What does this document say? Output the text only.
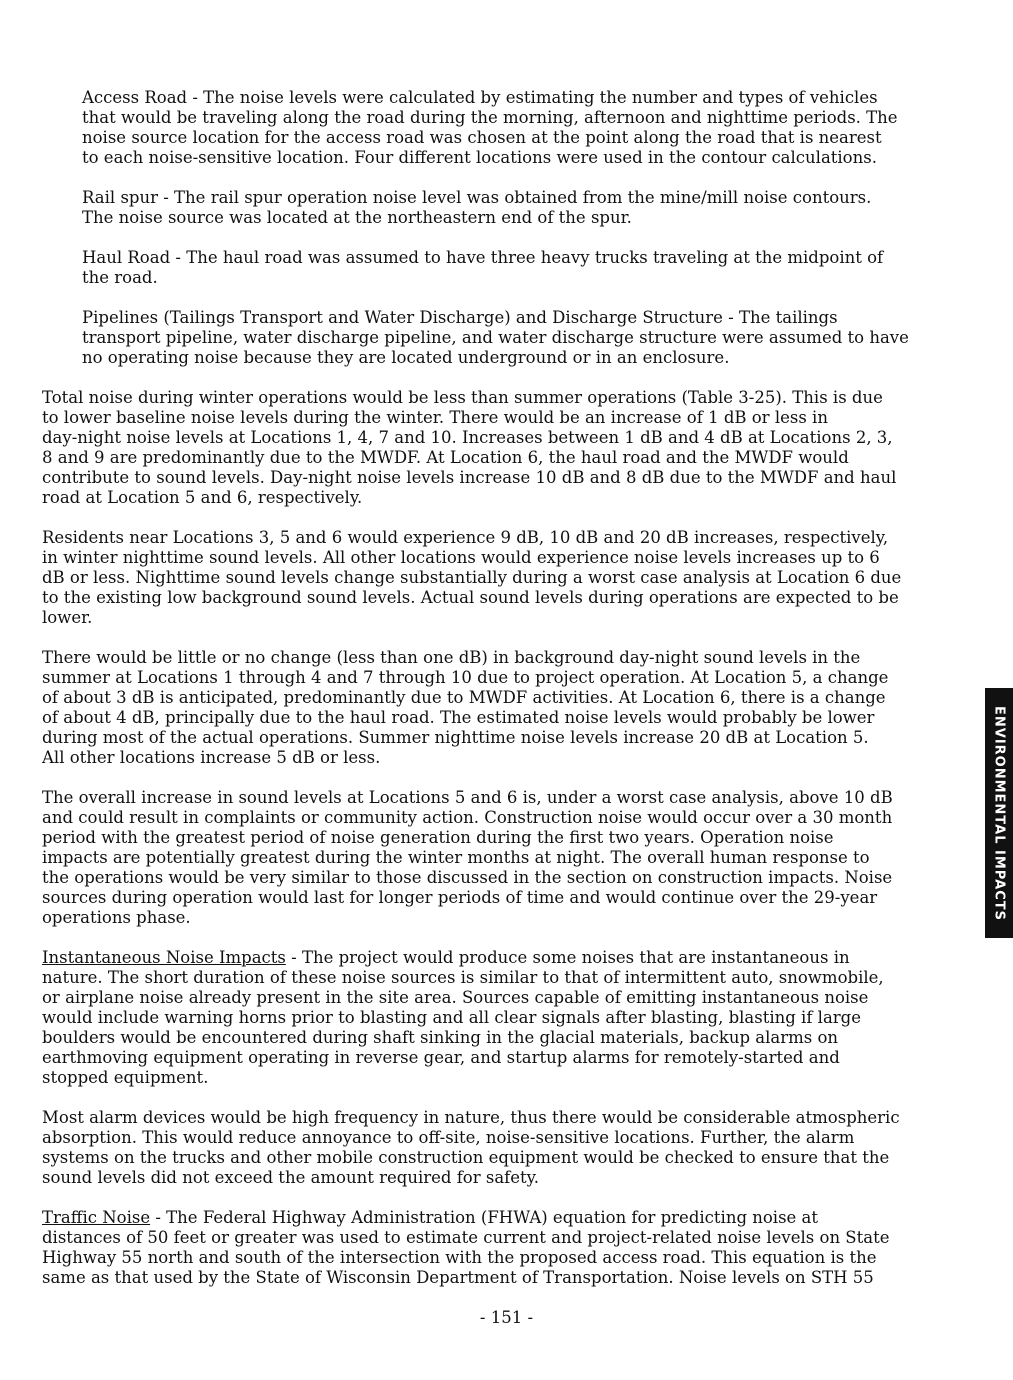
Access Road - The noise levels were calculated by estimating the number and types of vehicles
that would be traveling along the road during the morning, afternoon and nighttime periods. The
noise source location for the access road was chosen at the point along the road that is nearest
to each noise-sensitive location. Four different locations were used in the contour calculations.

Rail spur - The rail spur operation noise level was obtained from the mine/mill noise contours.
The noise source was located at the northeastern end of the spur.

Haul Road - The haul road was assumed to have three heavy trucks traveling at the midpoint of
the road.

Pipelines (Tailings Transport and Water Discharge) and Discharge Structure - The tailings
transport pipeline, water discharge pipeline, and water discharge structure were assumed to have
no operating noise because they are located underground or in an enclosure.

Total noise during winter operations would be less than summer operations (Table 3-25). This is due
to lower baseline noise levels during the winter. There would be an increase of 1 dB or less in
day-night noise levels at Locations 1, 4, 7 and 10. Increases between 1 dB and 4 dB at Locations 2, 3,
8 and 9 are predominantly due to the MWDF. At Location 6, the haul road and the MWDF would
contribute to sound levels. Day-night noise levels increase 10 dB and 8 dB due to the MWDF and haul
road at Location 5 and 6, respectively.

Residents near Locations 3, 5 and 6 would experience 9 dB, 10 dB and 20 dB increases, respectively,
in winter nighttime sound levels. All other locations would experience noise levels increases up to 6
dB or less. Nighttime sound levels change substantially during a worst case analysis at Location 6 due
to the existing low background sound levels. Actual sound levels during operations are expected to be
lower.

There would be little or no change (less than one dB) in background day-night sound levels in the
summer at Locations 1 through 4 and 7 through 10 due to project operation. At Location 5, a change
of about 3 dB is anticipated, predominantly due to MWDF activities. At Location 6, there is a change
of about 4 dB, principally due to the haul road. The estimated noise levels would probably be lower
during most of the actual operations. Summer nighttime noise levels increase 20 dB at Location 5.
All other locations increase 5 dB or less.

The overall increase in sound levels at Locations 5 and 6 is, under a worst case analysis, above 10 dB
and could result in complaints or community action. Construction noise would occur over a 30 month
period with the greatest period of noise generation during the first two years. Operation noise
impacts are potentially greatest during the winter months at night. The overall human response to
the operations would be very similar to those discussed in the section on construction impacts. Noise
sources during operation would last for longer periods of time and would continue over the 29-year
operations phase.

Instantaneous Noise Impacts - The project would produce some noises that are instantaneous in
nature. The short duration of these noise sources is similar to that of intermittent auto, snowmobile,
or airplane noise already present in the site area. Sources capable of emitting instantaneous noise
would include warning horns prior to blasting and all clear signals after blasting, blasting if large
boulders would be encountered during shaft sinking in the glacial materials, backup alarms on
earthmoving equipment operating in reverse gear, and startup alarms for remotely-started and
stopped equipment.

Most alarm devices would be high frequency in nature, thus there would be considerable atmospheric
absorption. This would reduce annoyance to off-site, noise-sensitive locations. Further, the alarm
systems on the trucks and other mobile construction equipment would be checked to ensure that the
sound levels did not exceed the amount required for safety.

Traffic Noise - The Federal Highway Administration (FHWA) equation for predicting noise at
distances of 50 feet or greater was used to estimate current and project-related noise levels on State
Highway 55 north and south of the intersection with the proposed access road. This equation is the
same as that used by the State of Wisconsin Department of Transportation. Noise levels on STH 55

- 151 -
ENVIRONMENTAL IMPACTS
